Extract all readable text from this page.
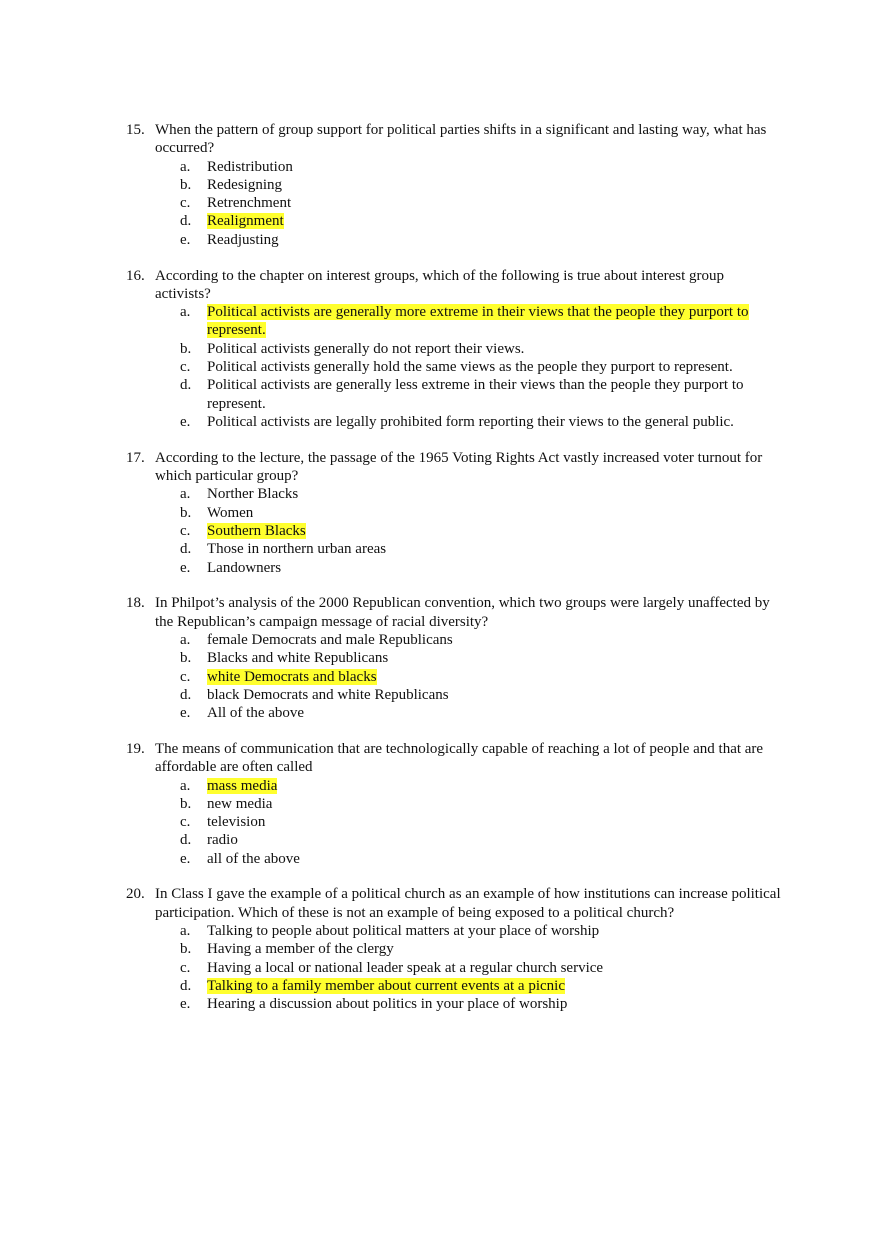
15. When the pattern of group support for political parties shifts in a significant and lasting way, what has occurred?
a.	Redistribution
b.	Redesigning
c.	Retrenchment
d.	Realignment
e.	Readjusting
16. According to the chapter on interest groups, which of the following is true about interest group activists?
a.	Political activists are generally more extreme in their views that the people they purport to represent.
b.	Political activists generally do not report their views.
c.	Political activists generally hold the same views as the people they purport to represent.
d.	Political activists are generally less extreme in their views than the people they purport to represent.
e.	Political activists are legally prohibited form reporting their views to the general public.
17. According to the lecture, the passage of the 1965 Voting Rights Act vastly increased voter turnout for which particular group?
a.	Norther Blacks
b.	Women
c.	Southern Blacks
d.	Those in northern urban areas
e.	Landowners
18. In Philpot’s analysis of the 2000 Republican convention, which two groups were largely unaffected by the Republican’s campaign message of racial diversity?
a.	female Democrats and male Republicans
b.	Blacks and white Republicans
c.	white Democrats and blacks
d.	black Democrats and white Republicans
e.	All of the above
19. The means of communication that are technologically capable of reaching a lot of people and that are affordable are often called
a.	mass media
b.	new media
c.	television
d.	radio
e.	all of the above
20. In Class I gave the example of a political church as an example of how institutions can increase political participation. Which of these is not an example of being exposed to a political church?
a.	Talking to people about political matters at your place of worship
b.	Having a member of the clergy
c.	Having a local or national leader speak at a regular church service
d.	Talking to a family member about current events at a picnic
e.	Hearing a discussion about politics in your place of worship
